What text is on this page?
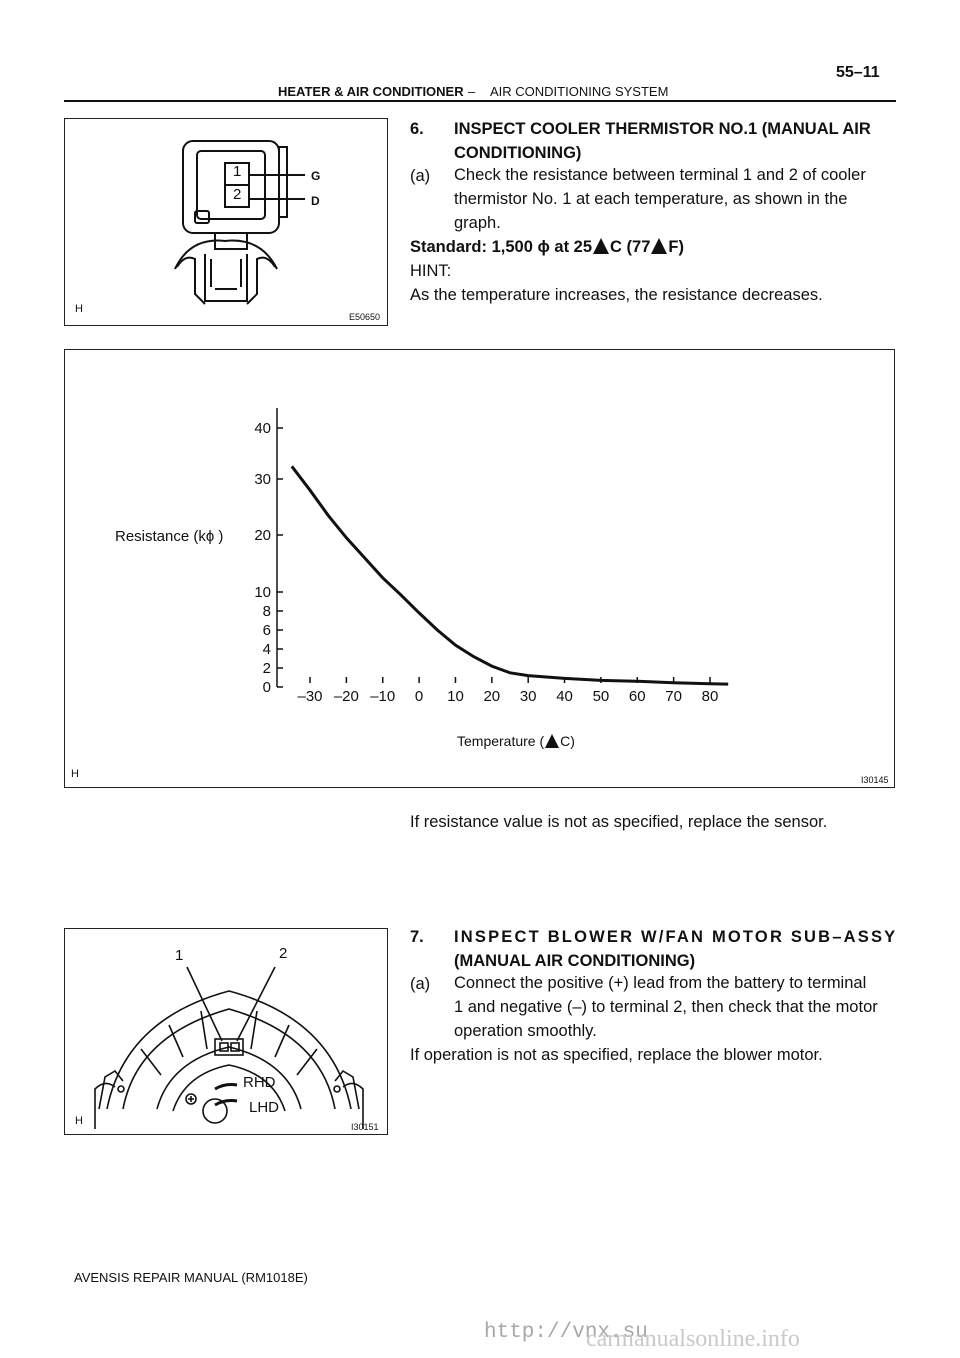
55–11
HEATER & AIR CONDITIONER – AIR CONDITIONING SYSTEM
1
2
G
D
H
E50650
6. INSPECT COOLER THERMISTOR NO.1 (MANUAL AIR
CONDITIONING)
(a) Check the resistance between terminal 1 and 2 of cooler
thermistor No. 1 at each temperature, as shown in the
graph.
Standard: 1,500 ϕ at 25 C (77 F)
HINT:
As the temperature increases, the resistance decreases.
0
2
4
6
8
10
20
30
40
–30 –20 –10 0 10 20 30 40 50 60 70 80
Resistance (kϕ )
Temperature ( C)
H	I30145
If resistance value is not as specified, replace the sensor.
7. INSPECT BLOWER W/FAN MOTOR SUB–ASSY
(MANUAL AIR CONDITIONING)
(a) Connect the positive (+) lead from the battery to terminal
1 and negative (–) to terminal 2, then check that the motor
operation smoothly.
If operation is not as specified, replace the blower motor.
1	2
RHD
LHD
H	I30151
AVENSIS REPAIR MANUAL (RM1018E)
http://vnx.su
carmanualsonline.info
